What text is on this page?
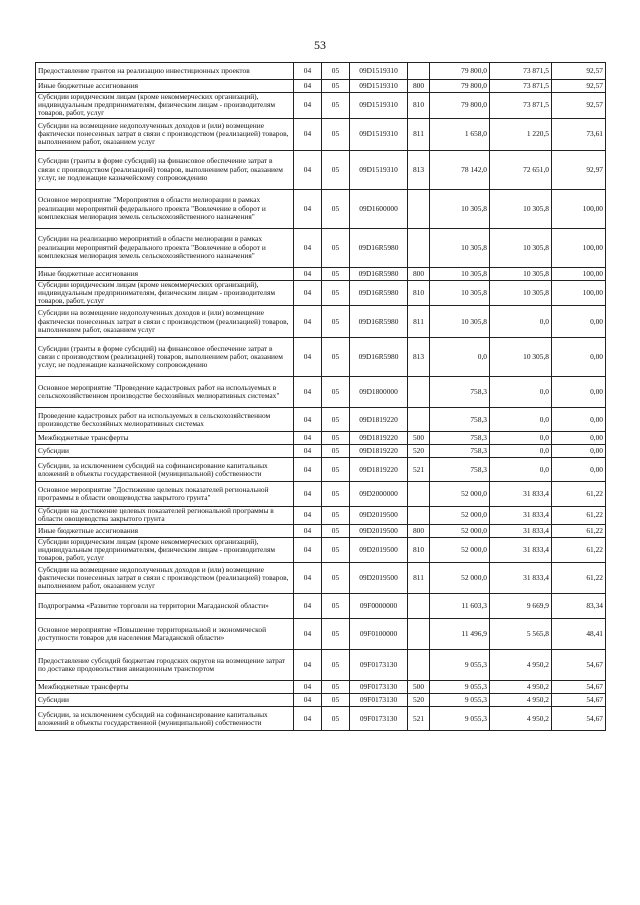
53
Предоставление грантов на реализацию инвестиционных проектов	04	05	09D1519310		79 800,0	73 871,5	92,57
Иные бюджетные ассигнования	04	05	09D1519310	800	79 800,0	73 871,5	92,57
Субсидии юридическим лицам (кроме некоммерческих организаций), индивидуальным предпринимателям, физическим лицам - производителям товаров, работ, услуг	04	05	09D1519310	810	79 800,0	73 871,5	92,57
Субсидии на возмещение недополученных доходов и (или) возмещение фактически понесенных затрат в связи с производством (реализацией) товаров, выполнением работ, оказанием услуг	04	05	09D1519310	811	1 658,0	1 220,5	73,61
Субсидии (гранты в форме субсидий) на финансовое обеспечение затрат в связи с производством (реализацией) товаров, выполнением работ, оказанием услуг, не подлежащие казначейскому сопровождению	04	05	09D1519310	813	78 142,0	72 651,0	92,97
Основное мероприятие "Мероприятия в области мелиорации в рамках реализации мероприятий федерального проекта "Вовлечение в оборот и комплексная мелиорация земель сельскохозяйственного назначения"	04	05	09D1600000		10 305,8	10 305,8	100,00
Субсидии на реализацию мероприятий в области мелиорации в рамках реализации мероприятий федерального проекта "Вовлечение в оборот и комплексная мелиорация земель сельскохозяйственного назначения"	04	05	09D16R5980		10 305,8	10 305,8	100,00
Иные бюджетные ассигнования	04	05	09D16R5980	800	10 305,8	10 305,8	100,00
Субсидии юридическим лицам (кроме некоммерческих организаций), индивидуальным предпринимателям, физическим лицам - производителям товаров, работ, услуг	04	05	09D16R5980	810	10 305,8	10 305,8	100,00
Субсидии на возмещение недополученных доходов и (или) возмещение фактически понесенных затрат в связи с производством (реализацией) товаров, выполнением работ, оказанием услуг	04	05	09D16R5980	811	10 305,8	0,0	0,00
Субсидии (гранты в форме субсидий) на финансовое обеспечение затрат в связи с производством (реализацией) товаров, выполнением работ, оказанием услуг, не подлежащие казначейскому сопровождению	04	05	09D16R5980	813	0,0	10 305,8	0,00
Основное мероприятие "Проведение кадастровых работ на используемых в сельскохозяйственном производстве бесхозяйных мелиоративных системах"	04	05	09D1800000		758,3	0,0	0,00
Проведение кадастровых работ на используемых в сельскохозяйственном производстве бесхозяйных мелиоративных системах	04	05	09D1819220		758,3	0,0	0,00
Межбюджетные трансферты	04	05	09D1819220	500	758,3	0,0	0,00
Субсидии	04	05	09D1819220	520	758,3	0,0	0,00
Субсидии, за исключением субсидий на софинансирование капитальных вложений в объекты государственной (муниципальной) собственности	04	05	09D1819220	521	758,3	0,0	0,00
Основное мероприятие "Достижение целевых показателей региональной программы в области овощеводства закрытого грунта"	04	05	09D2000000		52 000,0	31 833,4	61,22
Субсидии на достижение целевых показателей региональной программы в области овощеводства закрытого грунта	04	05	09D2019500		52 000,0	31 833,4	61,22
Иные бюджетные ассигнования	04	05	09D2019500	800	52 000,0	31 833,4	61,22
Субсидии юридическим лицам (кроме некоммерческих организаций), индивидуальным предпринимателям, физическим лицам - производителям товаров, работ, услуг	04	05	09D2019500	810	52 000,0	31 833,4	61,22
Субсидии на возмещение недополученных доходов и (или) возмещение фактически понесенных затрат в связи с производством (реализацией) товаров, выполнением работ, оказанием услуг	04	05	09D2019500	811	52 000,0	31 833,4	61,22
Подпрограмма «Развитие торговли на территории Магаданской области»	04	05	09F0000000		11 603,3	9 669,9	83,34
Основное мероприятие «Повышение территориальной и экономической доступности товаров для населения Магаданской области»	04	05	09F0100000		11 496,9	5 565,8	48,41
Предоставление субсидий бюджетам городских округов на возмещение затрат по доставке продовольствия авиационным транспортом	04	05	09F0173130		9 055,3	4 950,2	54,67
Межбюджетные трансферты	04	05	09F0173130	500	9 055,3	4 950,2	54,67
Субсидии	04	05	09F0173130	520	9 055,3	4 950,2	54,67
Субсидии, за исключением субсидий на софинансирование капитальных вложений в объекты государственной (муниципальной) собственности	04	05	09F0173130	521	9 055,3	4 950,2	54,67
